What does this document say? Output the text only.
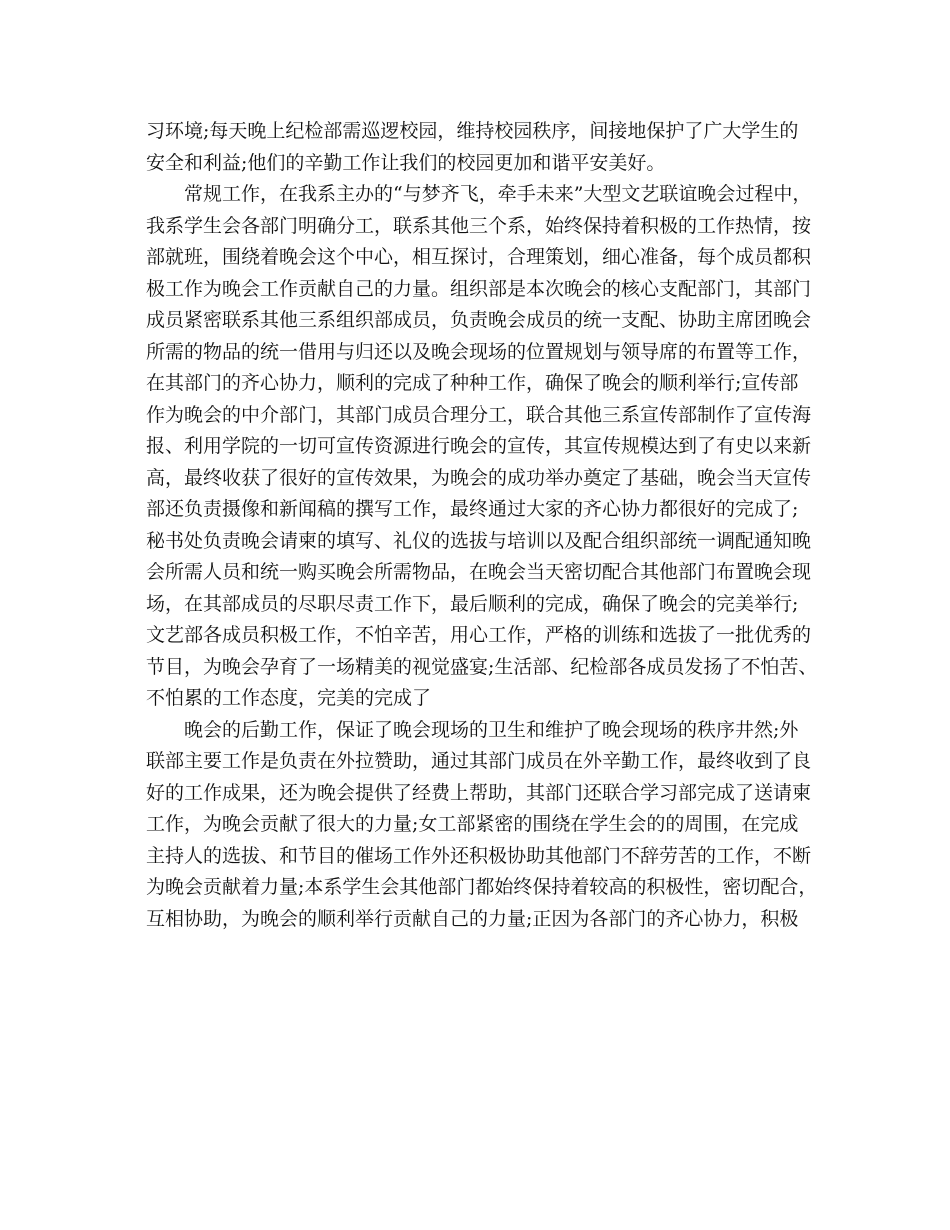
习环境;每天晚上纪检部需巡逻校园，维持校园秩序，间接地保护了广大学生的
安全和利益;他们的辛勤工作让我们的校园更加和谐平安美好。
常规工作，在我系主办的“与梦齐飞，牵手未来”大型文艺联谊晚会过程中，
我系学生会各部门明确分工，联系其他三个系，始终保持着积极的工作热情，按
部就班，围绕着晚会这个中心，相互探讨，合理策划，细心准备，每个成员都积
极工作为晚会工作贡献自己的力量。组织部是本次晚会的核心支配部门，其部门
成员紧密联系其他三系组织部成员，负责晚会成员的统一支配、协助主席团晚会
所需的物品的统一借用与归还以及晚会现场的位置规划与领导席的布置等工作，
在其部门的齐心协力，顺利的完成了种种工作，确保了晚会的顺利举行;宣传部
作为晚会的中介部门，其部门成员合理分工，联合其他三系宣传部制作了宣传海
报、利用学院的一切可宣传资源进行晚会的宣传，其宣传规模达到了有史以来新
高，最终收获了很好的宣传效果，为晚会的成功举办奠定了基础，晚会当天宣传
部还负责摄像和新闻稿的撰写工作，最终通过大家的齐心协力都很好的完成了;
秘书处负责晚会请柬的填写、礼仪的选拔与培训以及配合组织部统一调配通知晚
会所需人员和统一购买晚会所需物品，在晚会当天密切配合其他部门布置晚会现
场，在其部成员的尽职尽责工作下，最后顺利的完成，确保了晚会的完美举行;
文艺部各成员积极工作，不怕辛苦，用心工作，严格的训练和选拔了一批优秀的
节目，为晚会孕育了一场精美的视觉盛宴;生活部、纪检部各成员发扬了不怕苦、
不怕累的工作态度，完美的完成了
晚会的后勤工作，保证了晚会现场的卫生和维护了晚会现场的秩序井然;外
联部主要工作是负责在外拉赞助，通过其部门成员在外辛勤工作，最终收到了良
好的工作成果，还为晚会提供了经费上帮助，其部门还联合学习部完成了送请柬
工作，为晚会贡献了很大的力量;女工部紧密的围绕在学生会的的周围，在完成
主持人的选拔、和节目的催场工作外还积极协助其他部门不辞劳苦的工作，不断
为晚会贡献着力量;本系学生会其他部门都始终保持着较高的积极性，密切配合，
互相协助，为晚会的顺利举行贡献自己的力量;正因为各部门的齐心协力，积极
